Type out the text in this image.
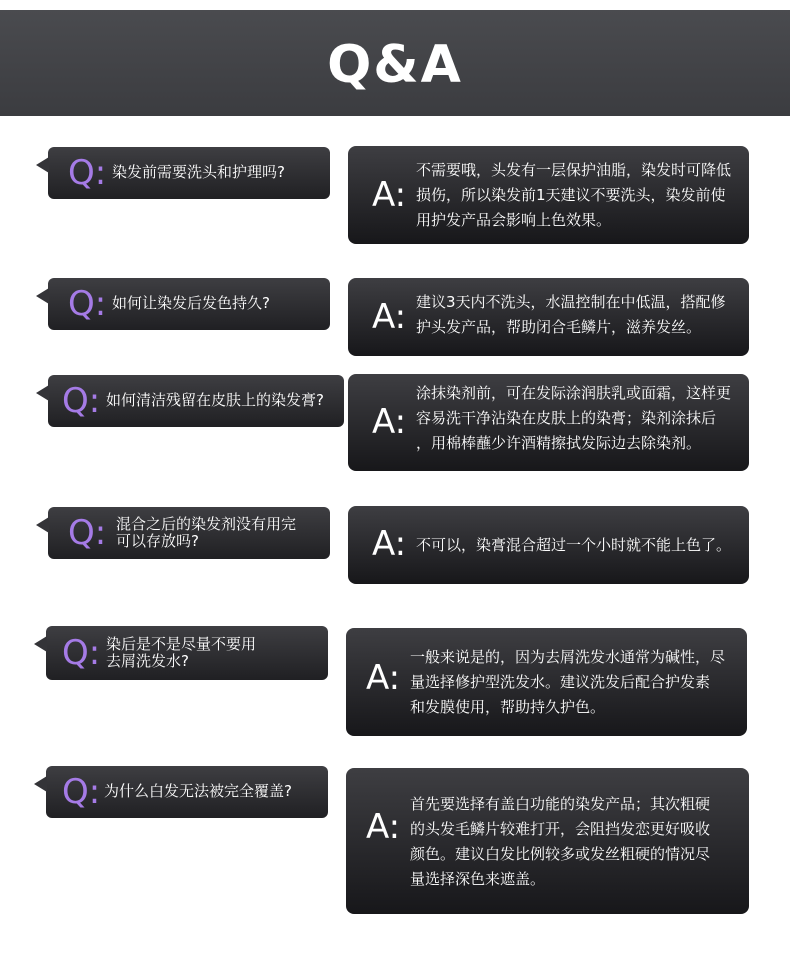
Q&A
Q: 染发前需要洗头和护理吗?
A:
不需要哦，头发有一层保护油脂，染发时可降低
损伤，所以染发前1天建议不要洗头，染发前使
用护发产品会影响上色效果。
Q: 如何让染发后发色持久?	A: 建议3天内不洗头，水温控制在中低温，搭配修
护头发产品，帮助闭合毛鳞片，滋养发丝。
Q: 如何清洁残留在皮肤上的染发膏?
A:
涂抹染剂前，可在发际涂润肤乳或面霜，这样更
容易洗干净沾染在皮肤上的染膏；染剂涂抹后
，用棉棒蘸少许酒精擦拭发际边去除染剂。
Q: 混合之后的染发剂没有用完
可以存放吗?	A: 不可以，染膏混合超过一个小时就不能上色了。
Q: 染后是不是尽量不要用
去屑洗发水?	A:
一般来说是的，因为去屑洗发水通常为碱性，尽
量选择修护型洗发水。建议洗发后配合护发素
和发膜使用，帮助持久护色。
Q: 为什么白发无法被完全覆盖?
A:
首先要选择有盖白功能的染发产品；其次粗硬
的头发毛鳞片较难打开，会阻挡发恋更好吸收
颜色。建议白发比例较多或发丝粗硬的情况尽
量选择深色来遮盖。
